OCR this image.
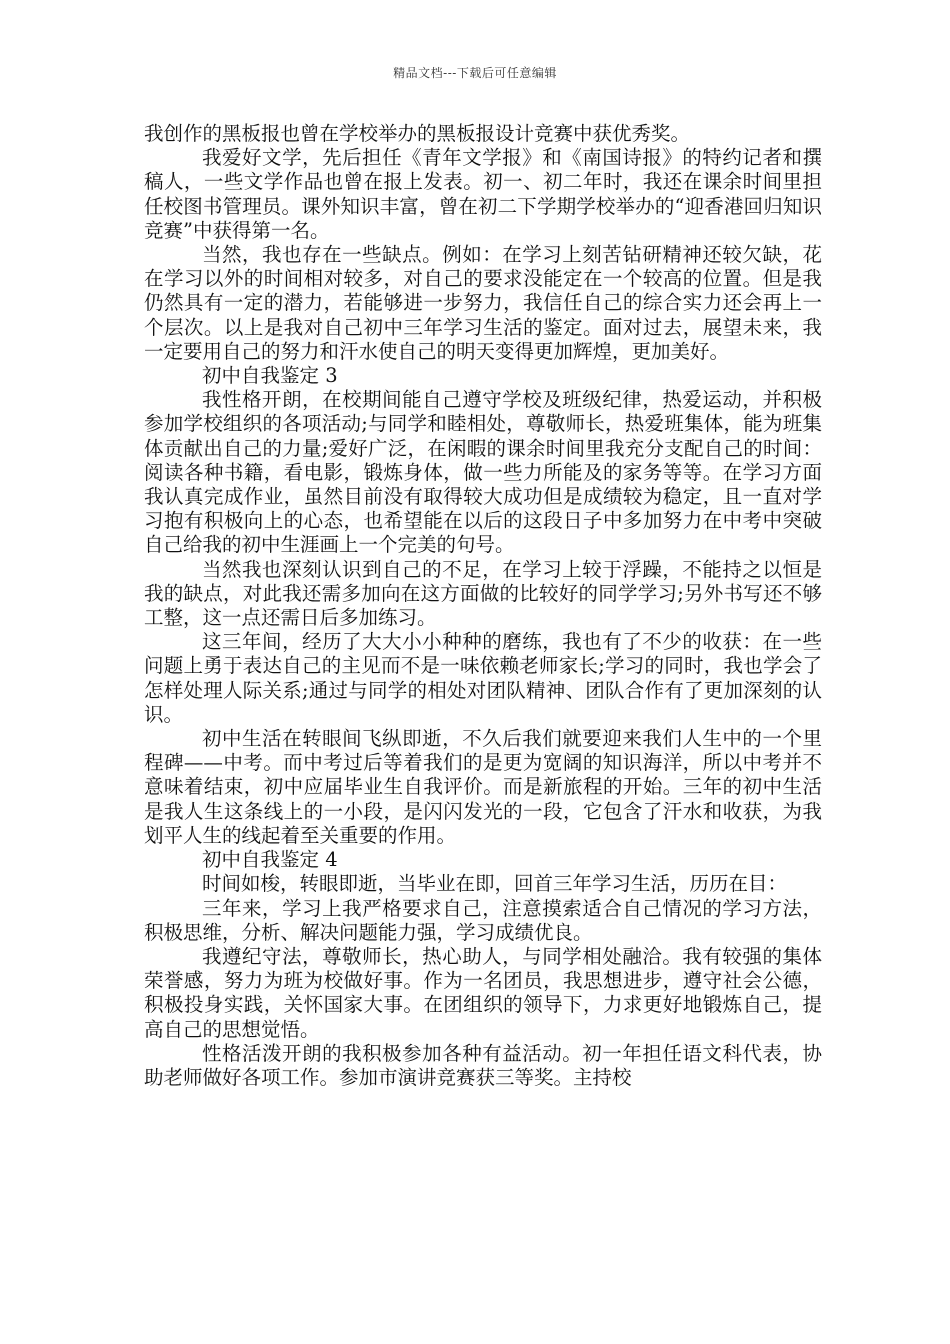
精品文档---下载后可任意编辑

我创作的黑板报也曾在学校举办的黑板报设计竞赛中获优秀奖。

我爱好文学，先后担任《青年文学报》和《南国诗报》的特约记者和撰稿人，一些文学作品也曾在报上发表。初一、初二年时，我还在课余时间里担任校图书管理员。课外知识丰富，曾在初二下学期学校举办的“迎香港回归知识竞赛”中获得第一名。

当然，我也存在一些缺点。例如：在学习上刻苦钻研精神还较欠缺，花在学习以外的时间相对较多，对自己的要求没能定在一个较高的位置。但是我仍然具有一定的潜力，若能够进一步努力，我信任自己的综合实力还会再上一个层次。以上是我对自己初中三年学习生活的鉴定。面对过去，展望未来，我一定要用自己的努力和汗水使自己的明天变得更加辉煌，更加美好。

初中自我鉴定 3

我性格开朗，在校期间能自己遵守学校及班级纪律，热爱运动，并积极参加学校组织的各项活动;与同学和睦相处，尊敬师长，热爱班集体，能为班集体贡献出自己的力量;爱好广泛，在闲暇的课余时间里我充分支配自己的时间：阅读各种书籍，看电影，锻炼身体，做一些力所能及的家务等等。在学习方面我认真完成作业，虽然目前没有取得较大成功但是成绩较为稳定，且一直对学习抱有积极向上的心态，也希望能在以后的这段日子中多加努力在中考中突破自己给我的初中生涯画上一个完美的句号。

当然我也深刻认识到自己的不足，在学习上较于浮躁，不能持之以恒是我的缺点，对此我还需多加向在这方面做的比较好的同学学习;另外书写还不够工整，这一点还需日后多加练习。

这三年间，经历了大大小小种种的磨练，我也有了不少的收获：在一些问题上勇于表达自己的主见而不是一味依赖老师家长;学习的同时，我也学会了怎样处理人际关系;通过与同学的相处对团队精神、团队合作有了更加深刻的认识。

初中生活在转眼间飞纵即逝，不久后我们就要迎来我们人生中的一个里程碑——中考。而中考过后等着我们的是更为宽阔的知识海洋，所以中考并不意味着结束，初中应届毕业生自我评价。而是新旅程的开始。三年的初中生活是我人生这条线上的一小段，是闪闪发光的一段，它包含了汗水和收获，为我划平人生的线起着至关重要的作用。

初中自我鉴定 4

时间如梭，转眼即逝，当毕业在即，回首三年学习生活，历历在目：

三年来，学习上我严格要求自己，注意摸索适合自己情况的学习方法，积极思维，分析、解决问题能力强，学习成绩优良。

我遵纪守法，尊敬师长，热心助人，与同学相处融洽。我有较强的集体荣誉感，努力为班为校做好事。作为一名团员，我思想进步，遵守社会公德，积极投身实践，关怀国家大事。在团组织的领导下，力求更好地锻炼自己，提高自己的思想觉悟。

性格活泼开朗的我积极参加各种有益活动。初一年担任语文科代表，协助老师做好各项工作。参加市演讲竞赛获三等奖。主持校
